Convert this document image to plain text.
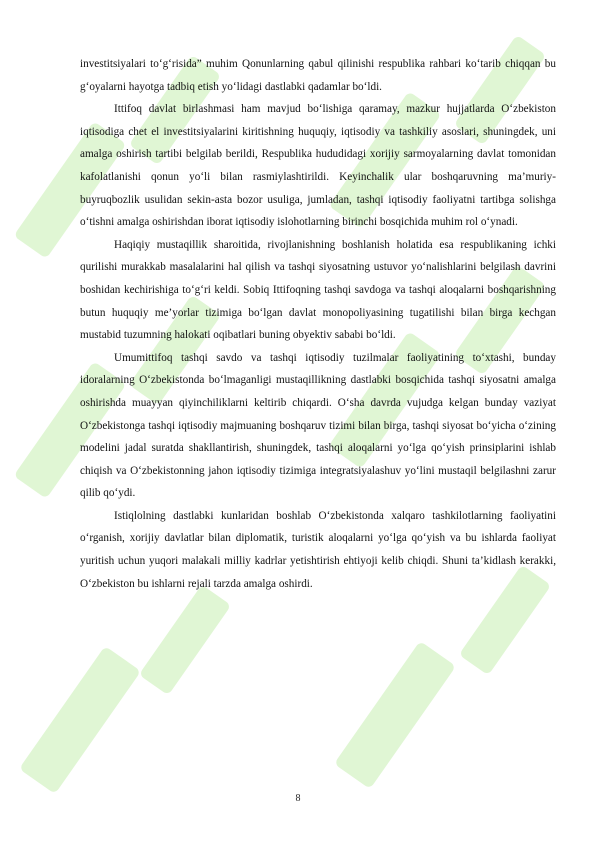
investitsiyalari to‘g‘risida” muhim Qonunlarning qabul qilinishi respublika rahbari ko‘tarib chiqqan bu g‘oyalarni hayotga tadbiq etish yo‘lidagi dastlabki qadamlar bo‘ldi.

Ittifoq davlat birlashmasi ham mavjud bo‘lishiga qaramay, mazkur hujjatlarda O‘zbekiston iqtisodiga chet el investitsiyalarini kiritishning huquqiy, iqtisodiy va tashkiliy asoslari, shuningdek, uni amalga oshirish tartibi belgilab berildi, Respublika hududidagi xorijiy sarmoyalarning davlat tomonidan kafolatlanishi qonun yo‘li bilan rasmiylashtirildi. Keyinchalik ular boshqaruvning ma’muriy-buyruqbozlik usulidan sekin-asta bozor usuliga, jumladan, tashqi iqtisodiy faoliyatni tartibga solishga o‘tishni amalga oshirishdan iborat iqtisodiy islohotlarning birinchi bosqichida muhim rol o‘ynadi.

Haqiqiy mustaqillik sharoitida, rivojlanishning boshlanish holatida esa respublikaning ichki qurilishi murakkab masalalarini hal qilish va tashqi siyosatning ustuvor yo‘nalishlarini belgilash davrini boshidan kechirishiga to‘g‘ri keldi. Sobiq Ittifoqning tashqi savdoga va tashqi aloqalarni boshqarishning butun huquqiy me’yorlar tizimiga bo‘lgan davlat monopoliyasining tugatilishi bilan birga kechgan mustabid tuzumning halokati oqibatlari buning obyektiv sababi bo‘ldi.

Umumittifoq tashqi savdo va tashqi iqtisodiy tuzilmalar faoliyatining to‘xtashi, bunday idoralarning O‘zbekistonda bo‘lmaganligi mustaqillikning dastlabki bosqichida tashqi siyosatni amalga oshirishda muayyan qiyinchiliklarni keltirib chiqardi. O‘sha davrda vujudga kelgan bunday vaziyat O‘zbekistonga tashqi iqtisodiy majmuaning boshqaruv tizimi bilan birga, tashqi siyosat bo‘yicha o‘zining modelini jadal suratda shakllantirish, shuningdek, tashqi aloqalarni yo‘lga qo‘yish prinsiplarini ishlab chiqish va O‘zbekistonning jahon iqtisodiy tizimiga integratsiyalashuv yo‘lini mustaqil belgilashni zarur qilib qo‘ydi.

Istiqlolning dastlabki kunlaridan boshlab O‘zbekistonda xalqaro tashkilotlarning faoliyatini o‘rganish, xorijiy davlatlar bilan diplomatik, turistik aloqalarni yo‘lga qo‘yish va bu ishlarda faoliyat yuritish uchun yuqori malakali milliy kadrlar yetishtirish ehtiyoji kelib chiqdi. Shuni ta’kidlash kerakki, O‘zbekiston bu ishlarni rejali tarzda amalga oshirdi.

8
